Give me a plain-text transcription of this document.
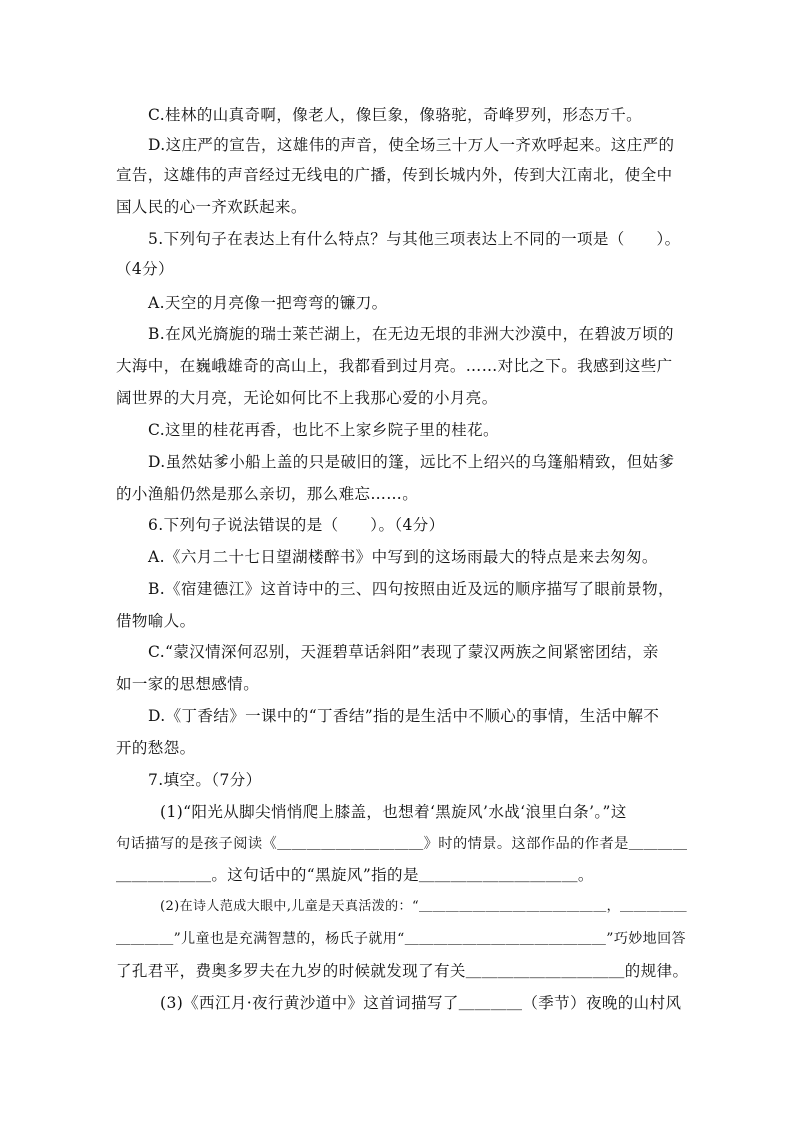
C.桂林的山真奇啊，像老人，像巨象，像骆驼，奇峰罗列，形态万千。
D.这庄严的宣告，这雄伟的声音，使全场三十万人一齐欢呼起来。这庄严的
宣告，这雄伟的声音经过无线电的广播，传到长城内外，传到大江南北，使全中
国人民的心一齐欢跃起来。
5.下列句子在表达上有什么特点？与其他三项表达上不同的一项是（　　）。
（4分）
A.天空的月亮像一把弯弯的镰刀。
B.在风光旖旎的瑞士莱芒湖上，在无边无垠的非洲大沙漠中，在碧波万顷的
大海中，在巍峨雄奇的高山上，我都看到过月亮。……对比之下。我感到这些广
阔世界的大月亮，无论如何比不上我那心爱的小月亮。
C.这里的桂花再香，也比不上家乡院子里的桂花。
D.虽然姑爹小船上盖的只是破旧的篷，远比不上绍兴的乌篷船精致，但姑爹
的小渔船仍然是那么亲切，那么难忘……。
6.下列句子说法错误的是（　　）。（4分）
A.《六月二十七日望湖楼醉书》中写到的这场雨最大的特点是来去匆匆。
B.《宿建德江》这首诗中的三、四句按照由近及远的顺序描写了眼前景物，
借物喻人。
C.“蒙汉情深何忍别，天涯碧草话斜阳”表现了蒙汉两族之间紧密团结，亲
如一家的思想感情。
D.《丁香结》一课中的“丁香结”指的是生活中不顺心的事情，生活中解不
开的愁怨。
7.填空。（7分）
(1)“阳光从脚尖悄悄爬上膝盖，也想着‘黑旋风’水战‘浪里白条’。”这
句话描写的是孩子阅读《＿＿＿＿＿＿＿＿＿＿》时的情景。这部作品的作者是＿＿＿＿
＿＿＿＿＿＿。这句话中的“黑旋风”指的是＿＿＿＿＿＿＿＿＿＿。
(2)在诗人范成大眼中,儿童是天真活泼的：“＿＿＿＿＿＿＿＿＿＿＿＿＿＿，＿＿＿＿＿
＿＿＿＿”儿童也是充满智慧的，杨氏子就用“＿＿＿＿＿＿＿＿＿＿＿＿＿＿”巧妙地回答
了孔君平，费奥多罗夫在九岁的时候就发现了有关＿＿＿＿＿＿＿＿＿＿的规律。
(3)《西江月·夜行黄沙道中》这首词描写了＿＿＿＿（季节）夜晚的山村风
